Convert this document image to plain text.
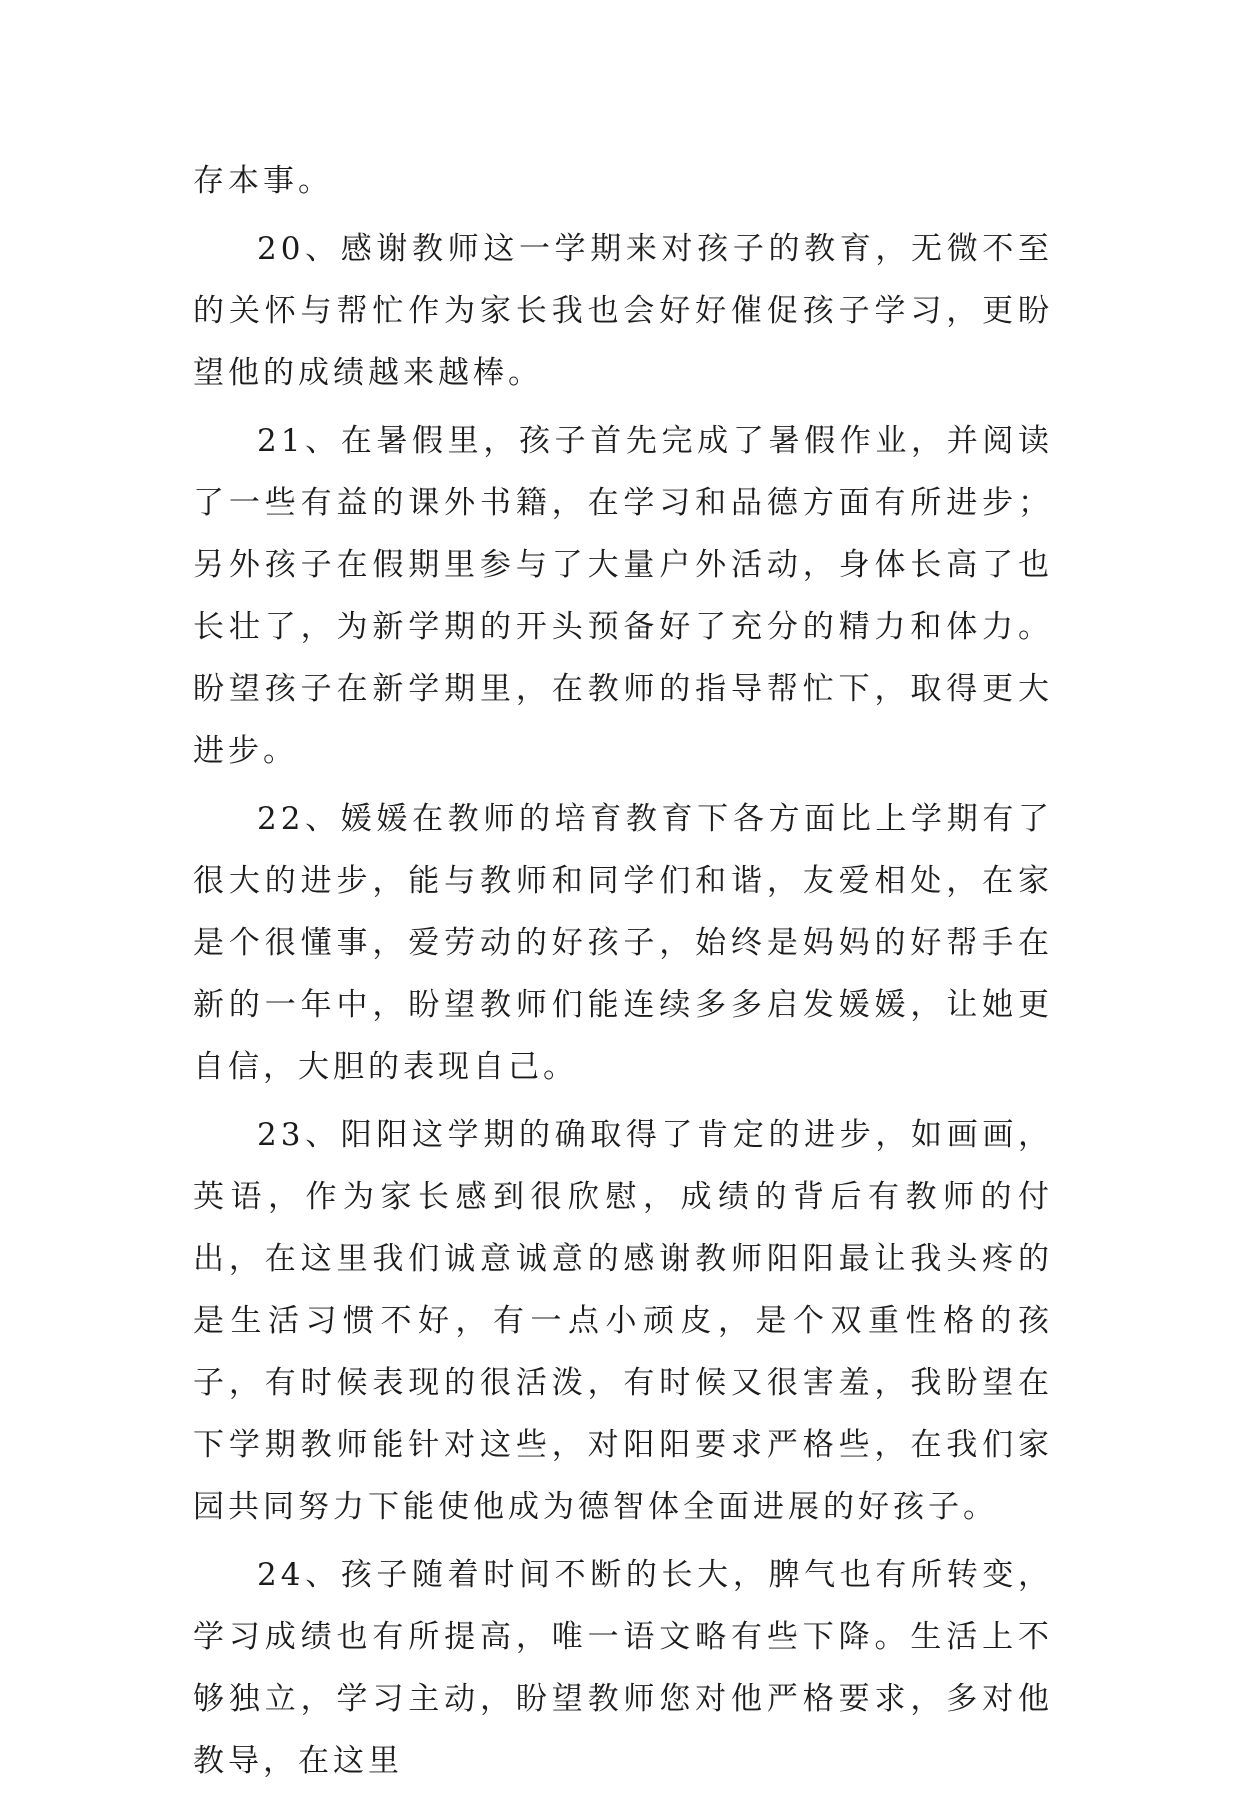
存本事。

20、感谢教师这一学期来对孩子的教育，无微不至的关怀与帮忙作为家长我也会好好催促孩子学习，更盼望他的成绩越来越棒。

21、在暑假里，孩子首先完成了暑假作业，并阅读了一些有益的课外书籍，在学习和品德方面有所进步；另外孩子在假期里参与了大量户外活动，身体长高了也长壮了，为新学期的开头预备好了充分的精力和体力。盼望孩子在新学期里，在教师的指导帮忙下，取得更大进步。

22、媛媛在教师的培育教育下各方面比上学期有了很大的进步，能与教师和同学们和谐，友爱相处，在家是个很懂事，爱劳动的好孩子，始终是妈妈的好帮手在新的一年中，盼望教师们能连续多多启发媛媛，让她更自信，大胆的表现自己。

23、阳阳这学期的确取得了肯定的进步，如画画，英语，作为家长感到很欣慰，成绩的背后有教师的付出，在这里我们诚意诚意的感谢教师阳阳最让我头疼的是生活习惯不好，有一点小顽皮，是个双重性格的孩子，有时候表现的很活泼，有时候又很害羞，我盼望在下学期教师能针对这些，对阳阳要求严格些，在我们家园共同努力下能使他成为德智体全面进展的好孩子。

24、孩子随着时间不断的长大，脾气也有所转变，学习成绩也有所提高，唯一语文略有些下降。生活上不够独立，学习主动，盼望教师您对他严格要求，多对他教导，在这里
